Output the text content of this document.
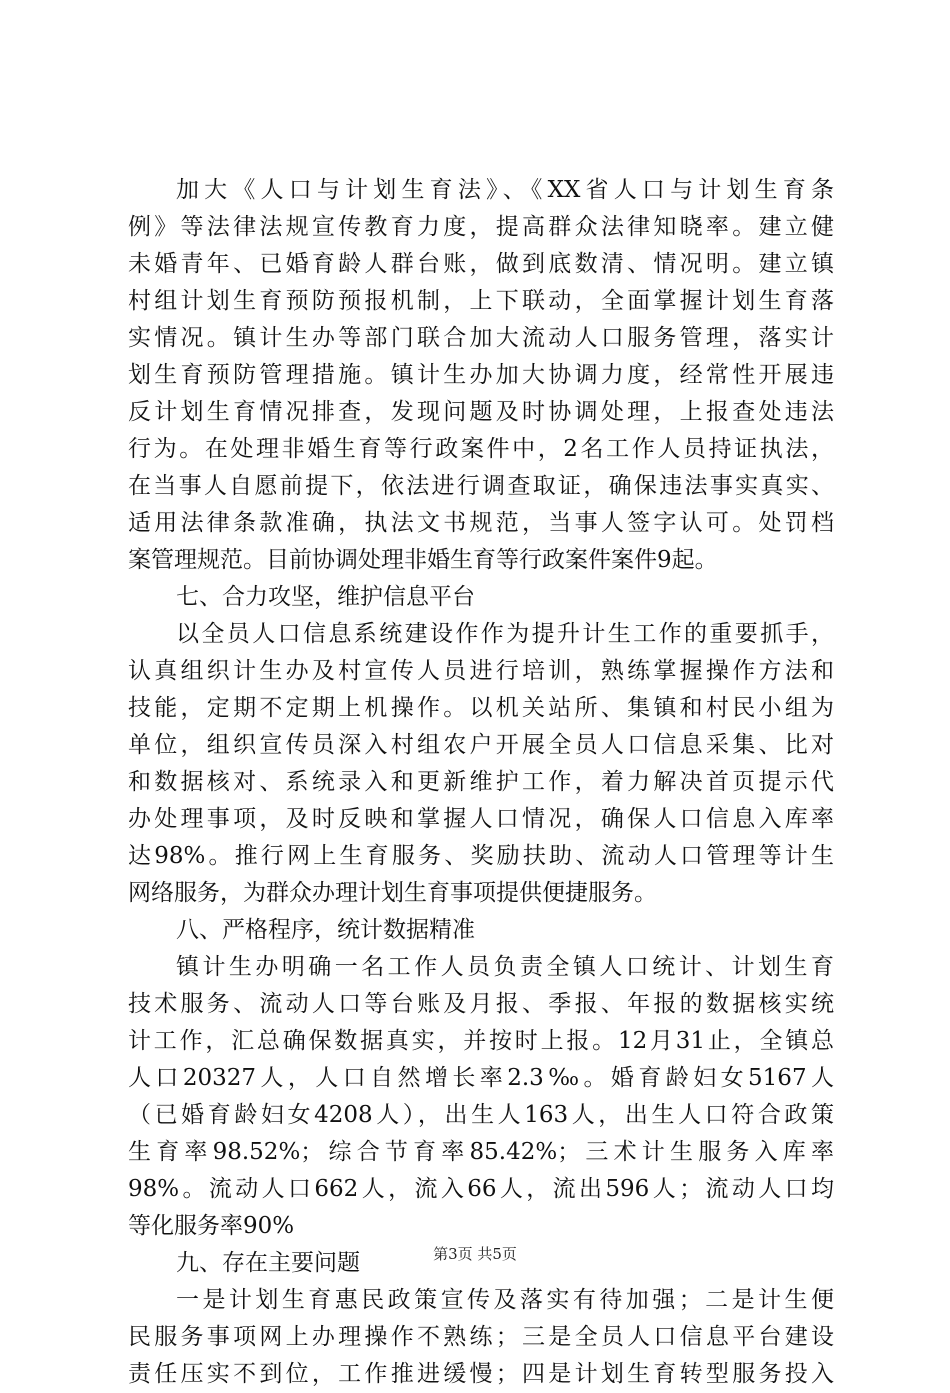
加大《人口与计划生育法》、《XX省人口与计划生育条
例》等法律法规宣传教育力度，提高群众法律知晓率。建立健
未婚青年、已婚育龄人群台账，做到底数清、情况明。建立镇
村组计划生育预防预报机制，上下联动，全面掌握计划生育落
实情况。镇计生办等部门联合加大流动人口服务管理，落实计
划生育预防管理措施。镇计生办加大协调力度，经常性开展违
反计划生育情况排查，发现问题及时协调处理，上报查处违法
行为。在处理非婚生育等行政案件中，2名工作人员持证执法，
在当事人自愿前提下，依法进行调查取证，确保违法事实真实、
适用法律条款准确，执法文书规范，当事人签字认可。处罚档
案管理规范。目前协调处理非婚生育等行政案件案件9起。
七、合力攻坚，维护信息平台
以全员人口信息系统建设作作为提升计生工作的重要抓手，
认真组织计生办及村宣传人员进行培训，熟练掌握操作方法和
技能，定期不定期上机操作。以机关站所、集镇和村民小组为
单位，组织宣传员深入村组农户开展全员人口信息采集、比对
和数据核对、系统录入和更新维护工作，着力解决首页提示代
办处理事项，及时反映和掌握人口情况，确保人口信息入库率
达98%。推行网上生育服务、奖励扶助、流动人口管理等计生
网络服务，为群众办理计划生育事项提供便捷服务。
八、严格程序，统计数据精准
镇计生办明确一名工作人员负责全镇人口统计、计划生育
技术服务、流动人口等台账及月报、季报、年报的数据核实统
计工作，汇总确保数据真实，并按时上报。12月31止，全镇总
人口20327人，人口自然增长率2.3‰。婚育龄妇女5167人
（已婚育龄妇女4208人），出生人163人，出生人口符合政策
生育率98.52%；综合节育率85.42%；三术计生服务入库率
98%。流动人口662人，流入66人，流出596人；流动人口均
等化服务率90%
九、存在主要问题
一是计划生育惠民政策宣传及落实有待加强；二是计生便
民服务事项网上办理操作不熟练；三是全员人口信息平台建设
责任压实不到位，工作推进缓慢；四是计划生育转型服务投入
第3页 共5页
